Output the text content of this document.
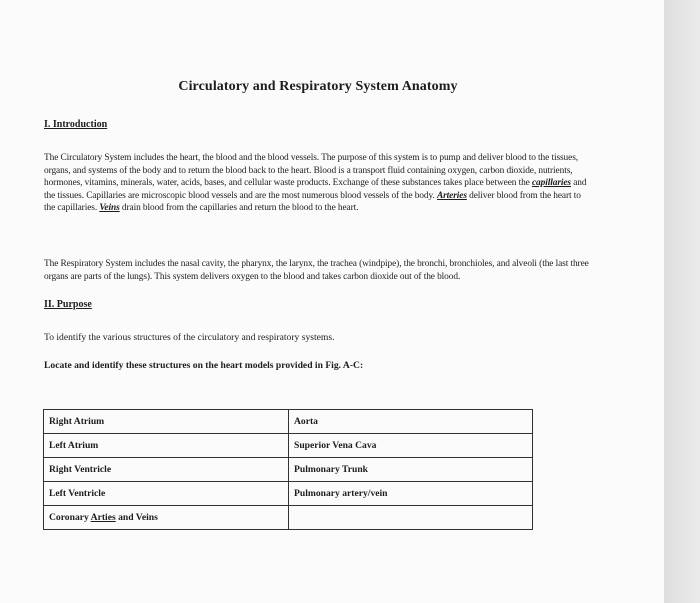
Circulatory and Respiratory System Anatomy
I. Introduction
The Circulatory System includes the heart, the blood and the blood vessels. The purpose of this system is to pump and deliver blood to the tissues, organs, and systems of the body and to return the blood back to the heart. Blood is a transport fluid containing oxygen, carbon dioxide, nutrients, hormones, vitamins, minerals, water, acids, bases, and cellular waste products. Exchange of these substances takes place between the capillaries and the tissues. Capillaries are microscopic blood vessels and are the most numerous blood vessels of the body. Arteries deliver blood from the heart to the capillaries. Veins drain blood from the capillaries and return the blood to the heart.
The Respiratory System includes the nasal cavity, the pharynx, the larynx, the trachea (windpipe), the bronchi, bronchioles, and alveoli (the last three organs are parts of the lungs). This system delivers oxygen to the blood and takes carbon dioxide out of the blood.
II. Purpose
To identify the various structures of the circulatory and respiratory systems.
Locate and identify these structures on the heart models provided in Fig. A-C:
Right Atrium	Aorta
Left Atrium	Superior Vena Cava
Right Ventricle	Pulmonary Trunk
Left Ventricle	Pulmonary artery/vein
Coronary Arties and Veins	
